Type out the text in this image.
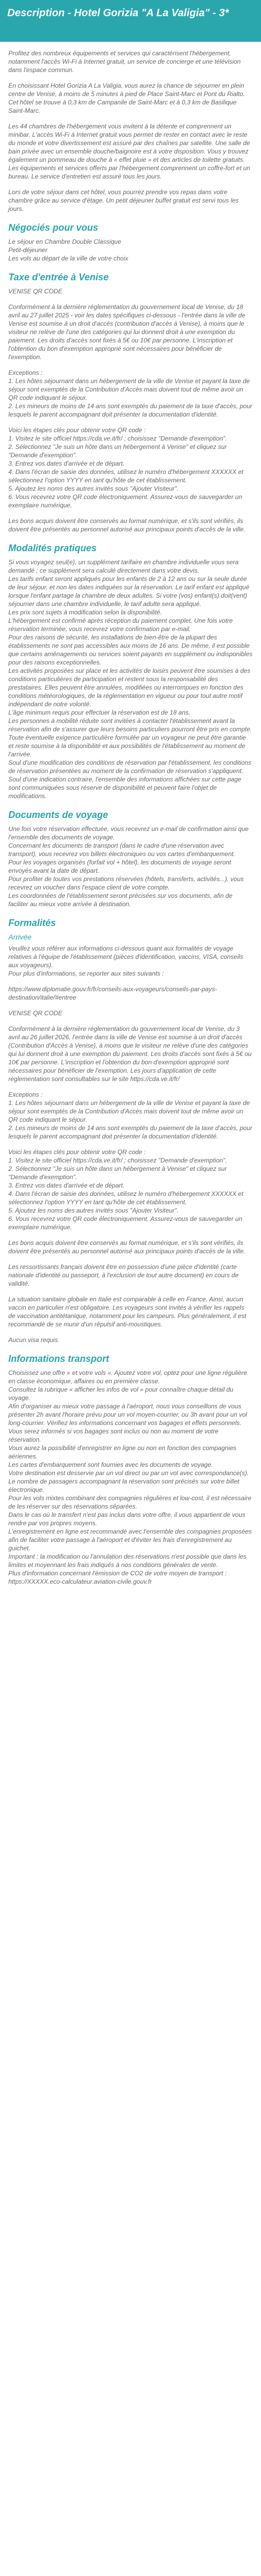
Description - Hotel Gorizia "A La Valigia" - 3*

Profitez des nombreux équipements et services qui caractérisent l'hébergement, notamment l'accès Wi-Fi à Internet gratuit, un service de concierge et une télévision dans l'espace commun.

En choisissant Hotel Gorizia A La Valigia, vous aurez la chance de séjourner en plein centre de Venise, à moins de 5 minutes à pied de Place Saint-Marc et Pont du Rialto. Cet hôtel se trouve à 0,3 km de Campanile de Saint-Marc et à 0,3 km de Basilique Saint-Marc.

Les 44 chambres de l'hébergement vous invitent à la détente et comprennent un minibar. L'accès Wi-Fi à Internet gratuit vous permet de rester en contact avec le reste du monde et votre divertissement est assuré par des chaînes par satellite. Une salle de bain privée avec un ensemble douche/baignoire est à votre disposition. Vous y trouvez également un pommeau de douche à « effet pluie » et des articles de toilette gratuits. Les équipements et services offerts par l'hébergement comprennent un coffre-fort et un bureau. Le service d'entretien est assuré tous les jours.

Lors de votre séjour dans cet hôtel, vous pourrez prendre vos repas dans votre chambre grâce au service d'étage. Un petit déjeuner buffet gratuit est servi tous les jours.

Négociés pour vous

Le séjour en Chambre Double Classique
Petit-déjeuner
Les vols au départ de la ville de votre choix

Taxe d'entrée à Venise

VENISE QR CODE

Conformément à la dernière réglementation du gouvernement local de Venise, du 18 avril au 27 juillet 2025 - voir les dates spécifiques ci-dessous - l'entrée dans la ville de Venise est soumise à un droit d'accès (contribution d'accès à Venise), à moins que le visiteur ne relève de l'une des catégories qui lui donnent droit à une exemption du paiement. Les droits d'accès sont fixés à 5€ ou 10€ par personne. L'inscription et l'obtention du bon d'exemption approprié sont nécessaires pour bénéficier de l'exemption.

Exceptions :
1. Les hôtes séjournant dans un hébergement de la ville de Venise et payant la taxe de séjour sont exemptés de la Contribution d'Accès mais doivent tout de même avoir un QR code indiquant le séjour.
2. Les mineurs de moins de 14 ans sont exemptés du paiement de la taxe d'accès, pour lesquels le parent accompagnant doit présenter la documentation d'identité.

Voici les étapes clés pour obtenir votre QR code :
1. Visitez le site officiel https://cda.ve.it/fr/ ; choisissez "Demande d'exemption".
2. Sélectionnez "Je suis un hôte dans un hébergement à Venise" et cliquez sur "Demande d'exemption".
3. Entrez vos dates d'arrivée et de départ.
4. Dans l'écran de saisie des données, utilisez le numéro d'hébergement XXXXXX et sélectionnez l'option YYYY en tant qu'hôte de cet établissement.
5. Ajoutez les noms des autres invités sous "Ajouter Visiteur".
6. Vous recevrez votre QR code électroniquement. Assurez-vous de sauvegarder un exemplaire numérique.

Les bons acquis doivent être conservés au format numérique, et s'ils sont vérifiés, ils doivent être présentés au personnel autorisé aux principaux points d'accès de la ville.

Modalités pratiques

Si vous voyagez seul(e), un supplément tarifaire en chambre individuelle vous sera demandé ; ce supplément sera calculé directement dans votre devis.
Les tarifs enfant seront appliqués pour les enfants de 2 à 12 ans ou sur la seule durée de leur séjour, et non les dates indiquées sur la réservation. Le tarif enfant est appliqué lorsque l'enfant partage la chambre de deux adultes. Si votre (vos) enfant(s) doit(vent) séjourner dans une chambre individuelle, le tarif adulte sera appliqué.
Les prix sont sujets à modification selon la disponibilité.
L'hébergement est confirmé après réception du paiement complet. Une fois votre réservation terminée, vous recevrez votre confirmation par e-mail.
Pour des raisons de sécurité, les installations de bien-être de la plupart des établissements ne sont pas accessibles aux moins de 16 ans. De même, il est possible que certains aménagements ou services soient payants en supplément ou indisponibles pour des raisons exceptionnelles.
Les activités proposées sur place et les activités de loisirs peuvent être soumises à des conditions particulières de participation et restent sous la responsabilité des prestataires. Elles peuvent être annulées, modifiées ou interrompues en fonction des conditions météorologiques, de la réglementation en vigueur ou pour tout autre motif indépendant de notre volonté.
L'âge minimum requis pour effectuer la réservation est de 18 ans.
Les personnes à mobilité réduite sont invitées à contacter l'établissement avant la réservation afin de s'assurer que leurs besoins particuliers pourront être pris en compte.
Toute éventuelle exigence particulière formulée par un voyageur ne peut être garantie et reste soumise à la disponibilité et aux possibilités de l'établissement au moment de l'arrivée.
Soul d'une modification des conditions de réservation par l'établissement, les conditions de réservation présentées au moment de la confirmation de réservation s'appliquent.
Soul d'une indication contraire, l'ensemble des informations affichées sur cette page sont communiquées sous réserve de disponibilité et peuvent faire l'objet de modifications.

Documents de voyage

Une fois votre réservation effectuée, vous recevrez un e-mail de confirmation ainsi que l'ensemble des documents de voyage.
Concernant les documents de transport (dans le cadre d'une réservation avec transport), vous recevrez vos billets électroniques ou vos cartes d'embarquement.
Pour les voyages organisés (forfait vol + hôtel), les documents de voyage seront envoyés avant la date de départ.
Pour profiter de toutes vos prestations réservées (hôtels, transferts, activités...), vous recevrez un voucher dans l'espace client de votre compte.
Les coordonnées de l'établissement seront précisées sur vos documents, afin de faciliter au mieux votre arrivée à destination.

Formalités
Arrivée

Veuillez vous référer aux informations ci-dessous quant aux formalités de voyage relatives à l'équipe de l'établissement (pièces d'identification, vaccins, VISA, conseils aux voyageurs).
Pour plus d'informations, se reporter aux sites suivants :

https://www.diplomatie.gouv.fr/fr/conseils-aux-voyageurs/conseils-par-pays-destination/italie/#entree

VENISE QR CODE

Conformément à la dernière réglementation du gouvernement local de Venise, du 3 avril au 26 juillet 2026, l'entrée dans la ville de Venise est soumise à un droit d'accès (Contribution d'Accès à Venise), à moins que le visiteur ne relève d'une des catégories qui lui donnent droit à une exemption du paiement. Les droits d'accès sont fixés à 5€ ou 10€ par personne. L'inscription et l'obtention du bon d'exemption approprié sont nécessaires pour bénéficier de l'exemption. Les jours d'application de cette réglementation sont consultables sur le site https://cda.ve.it/fr/

Exceptions :
1. Les hôtes séjournant dans un hébergement de la ville de Venise et payant la taxe de séjour sont exemptés de la Contribution d'Accès mais doivent tout de même avoir un QR code indiquant le séjour.
2. Les mineurs de moins de 14 ans sont exemptés du paiement de la taxe d'accès, pour lesquels le parent accompagnant doit présenter la documentation d'identité.

Voici les étapes clés pour obtenir votre QR code :
1. Visitez le site officiel https://cda.ve.it/fr/ ; choisissez "Demande d'exemption".
2. Sélectionnez "Je suis un hôte dans un hébergement à Venise" et cliquez sur "Demande d'exemption".
3. Entrez vos dates d'arrivée et de départ.
4. Dans l'écran de saisie des données, utilisez le numéro d'hébergement XXXXXX et sélectionnez l'option YYYY en tant qu'hôte de cet établissement.
5. Ajoutez les noms des autres invités sous "Ajouter Visiteur".
6. Vous recevrez votre QR code électroniquement. Assurez-vous de sauvegarder un exemplaire numérique.

Les bons acquis doivent être conservés au format numérique, et s'ils sont vérifiés, ils doivent être présentés au personnel autorisé aux principaux points d'accès de la ville.

Les ressortissants français doivent être en possession d'une pièce d'identité (carte nationale d'identité ou passeport, à l'exclusion de tout autre document) en cours de validité.

La situation sanitaire globale en Italie est comparable à celle en France. Ainsi, aucun vaccin en particulier n'est obligatoire. Les voyageurs sont invités à vérifier les rappels de vaccination antitétanique, notamment pour les campeurs. Plus généralement, il est recommandé de se munir d'un répulsif anti-moustiques.

Aucun visa requis.

Informations transport

Choisissez une offre « et votre vols ». Ajoutez votre vol, optez pour une ligne régulière en classe économique, affaires ou en première classe.
Consultez la rubrique « afficher les infos de vol » pour connaître chaque détail du voyage.
Afin d'organiser au mieux votre passage à l'aéroport, nous vous conseillons de vous présenter 2h avant l'horaire prévu pour un vol moyen-courrier, ou 3h avant pour un vol long-courrier. Vérifiez les informations concernant vos bagages et effets personnels.
Vous serez informés si vos bagages sont inclus ou non au moment de votre réservation.
Vous aurez la possibilité d'enregistrer en ligne ou non en fonction des compagnies aériennes.
Les cartes d'embarquement sont fournies avec les documents de voyage.
Votre destination est desservie par un vol direct ou par un vol avec correspondance(s).
Le nombre de passagers accompagnant la réservation sont précisés sur votre billet électronique.
Pour les vols mixtes combinant des compagnies régulières et low-cost, il est nécessaire de les réserver sur des réservations séparées.
Dans le cas où le transfert n'est pas inclus dans votre offre, il vous appartient de vous rendre par vos propres moyens.
L'enregistrement en ligne est recommandé avec l'ensemble des compagnies proposées afin de faciliter votre passage à l'aéroport et d'éviter les frais d'enregistrement au guichet.
Important : la modification ou l'annulation des réservations n'est possible que dans les limites et moyennant les frais indiqués à nos conditions générales de vente.
Plus d'information concernant l'émission de CO2 de votre moyen de transport : https://XXXXX.eco-calculateur.aviation-civile.gouv.fr
